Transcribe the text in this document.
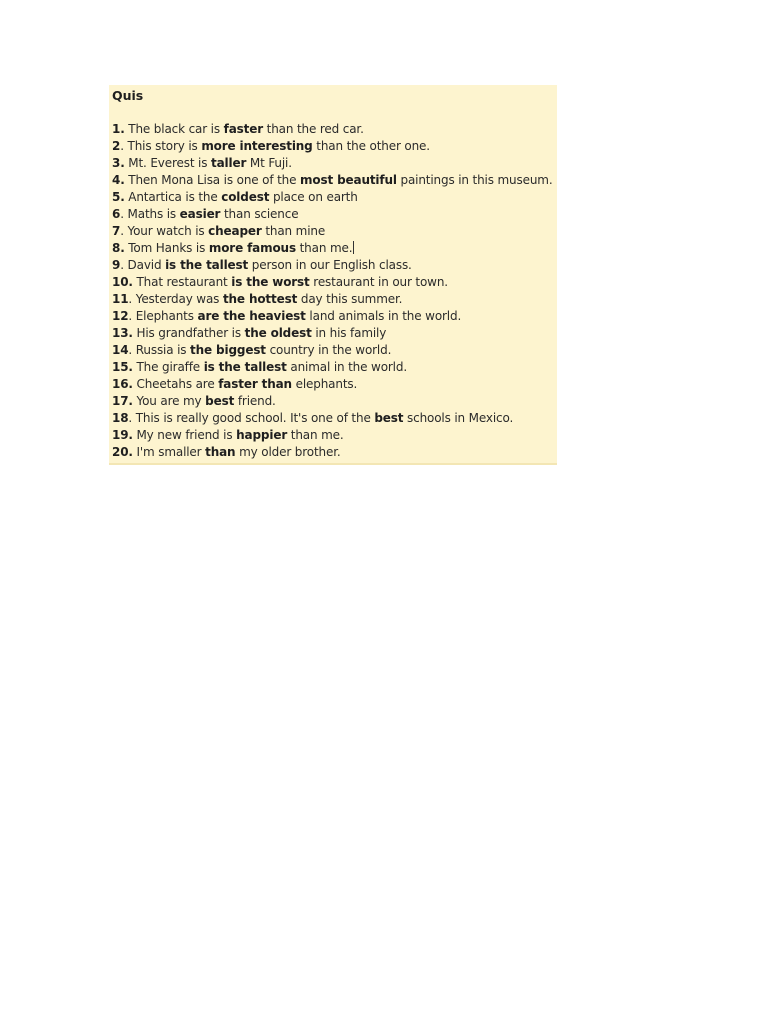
Quis
1. The black car is faster than the red car.
2. This story is more interesting than the other one.
3. Mt. Everest is taller Mt Fuji.
4. Then Mona Lisa is one of the most beautiful paintings in this museum.
5. Antartica is the coldest place on earth
6. Maths is easier than science
7. Your watch is cheaper than mine
8. Tom Hanks is more famous than me.
9. David is the tallest person in our English class.
10. That restaurant is the worst restaurant in our town.
11. Yesterday was the hottest day this summer.
12. Elephants are the heaviest land animals in the world.
13. His grandfather is the oldest in his family
14. Russia is the biggest country in the world.
15. The giraffe is the tallest animal in the world.
16. Cheetahs are faster than elephants.
17. You are my best friend.
18. This is really good school. It's one of the best schools in Mexico.
19. My new friend is happier than me.
20. I'm smaller than my older brother.
